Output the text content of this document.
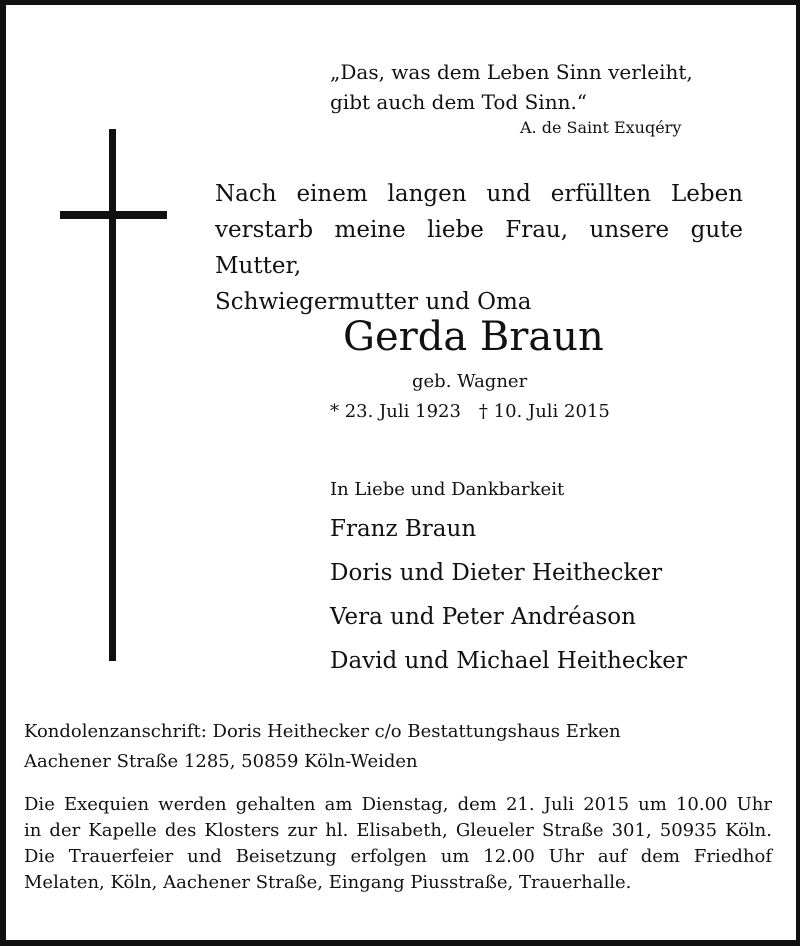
„Das, was dem Leben Sinn verleiht,
gibt auch dem Tod Sinn.“
A. de Saint Exuqéry
Nach einem langen und erfüllten Leben
verstarb meine liebe Frau, unsere gute Mutter,
Schwiegermutter und Oma
Gerda Braun
geb. Wagner
* 23. Juli 1923 † 10. Juli 2015
In Liebe und Dankbarkeit
Franz Braun
Doris und Dieter Heithecker
Vera und Peter Andréason
David und Michael Heithecker
Kondolenzanschrift: Doris Heithecker c/o Bestattungshaus Erken
Aachener Straße 1285, 50859 Köln-Weiden
Die Exequien werden gehalten am Dienstag, dem 21. Juli 2015 um 10.00 Uhr
in der Kapelle des Klosters zur hl. Elisabeth, Gleueler Straße 301, 50935 Köln.
Die Trauerfeier und Beisetzung erfolgen um 12.00 Uhr auf dem Friedhof
Melaten, Köln, Aachener Straße, Eingang Piusstraße, Trauerhalle.
